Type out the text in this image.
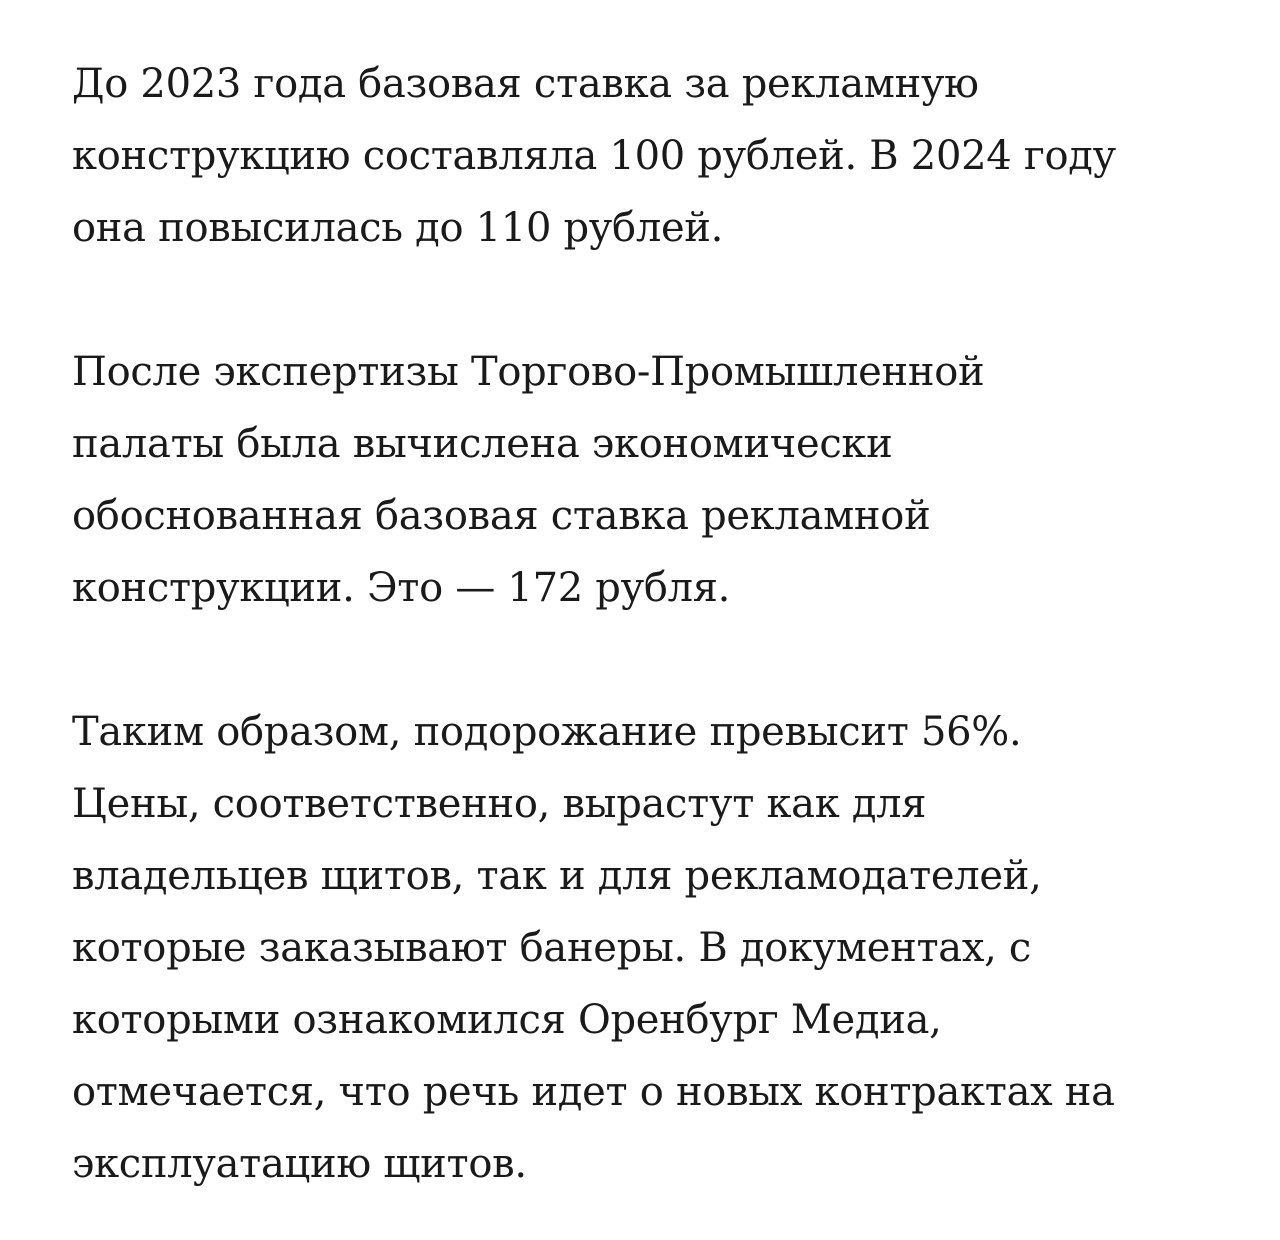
До 2023 года базовая ставка за рекламную
конструкцию составляла 100 рублей. В 2024 году
она повысилась до 110 рублей.

После экспертизы Торгово-Промышленной
палаты была вычислена экономически
обоснованная базовая ставка рекламной
конструкции. Это — 172 рубля.

Таким образом, подорожание превысит 56%.
Цены, соответственно, вырастут как для
владельцев щитов, так и для рекламодателей,
которые заказывают банеры. В документах, с
которыми ознакомился Оренбург Медиа,
отмечается, что речь идет о новых контрактах на
эксплуатацию щитов.
